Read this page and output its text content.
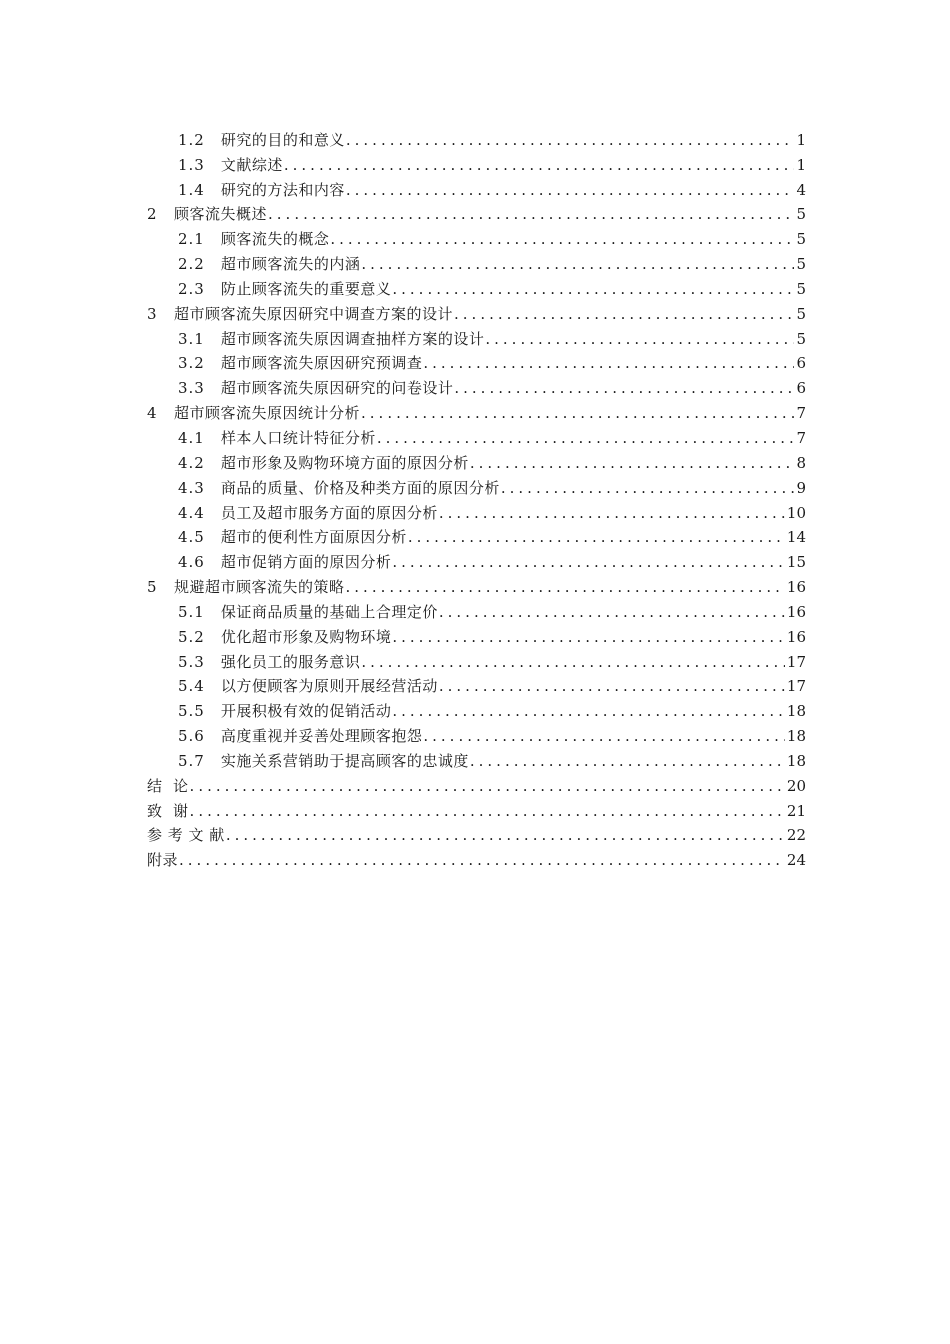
1.2 研究的目的和意义 .....	1
1.3 文献综述 .....	1
1.4 研究的方法和内容 .....	4
2 顾客流失概述 .....	5
2.1 顾客流失的概念 .....	5
2.2 超市顾客流失的内涵 .....	5
2.3 防止顾客流失的重要意义 .....	5
3 超市顾客流失原因研究中调查方案的设计 .....	5
3.1 超市顾客流失原因调查抽样方案的设计 .....	5
3.2 超市顾客流失原因研究预调查 .....	6
3.3 超市顾客流失原因研究的问卷设计 .....	6
4 超市顾客流失原因统计分析 .....	7
4.1 样本人口统计特征分析 .....	7
4.2 超市形象及购物环境方面的原因分析 .....	8
4.3 商品的质量、价格及种类方面的原因分析 .....	9
4.4 员工及超市服务方面的原因分析 .....	10
4.5 超市的便利性方面原因分析 .....	14
4.6 超市促销方面的原因分析 .....	15
5 规避超市顾客流失的策略 .....	16
5.1 保证商品质量的基础上合理定价 .....	16
5.2 优化超市形象及购物环境 .....	16
5.3 强化员工的服务意识 .....	17
5.4 以方便顾客为原则开展经营活动 .....	17
5.5 开展积极有效的促销活动 .....	18
5.6 高度重视并妥善处理顾客抱怨 .....	18
5.7 实施关系营销助于提高顾客的忠诚度 .....	18
结  论 .....	20
致  谢 .....	21
参 考 文 献 .....	22
附录 .....	24
